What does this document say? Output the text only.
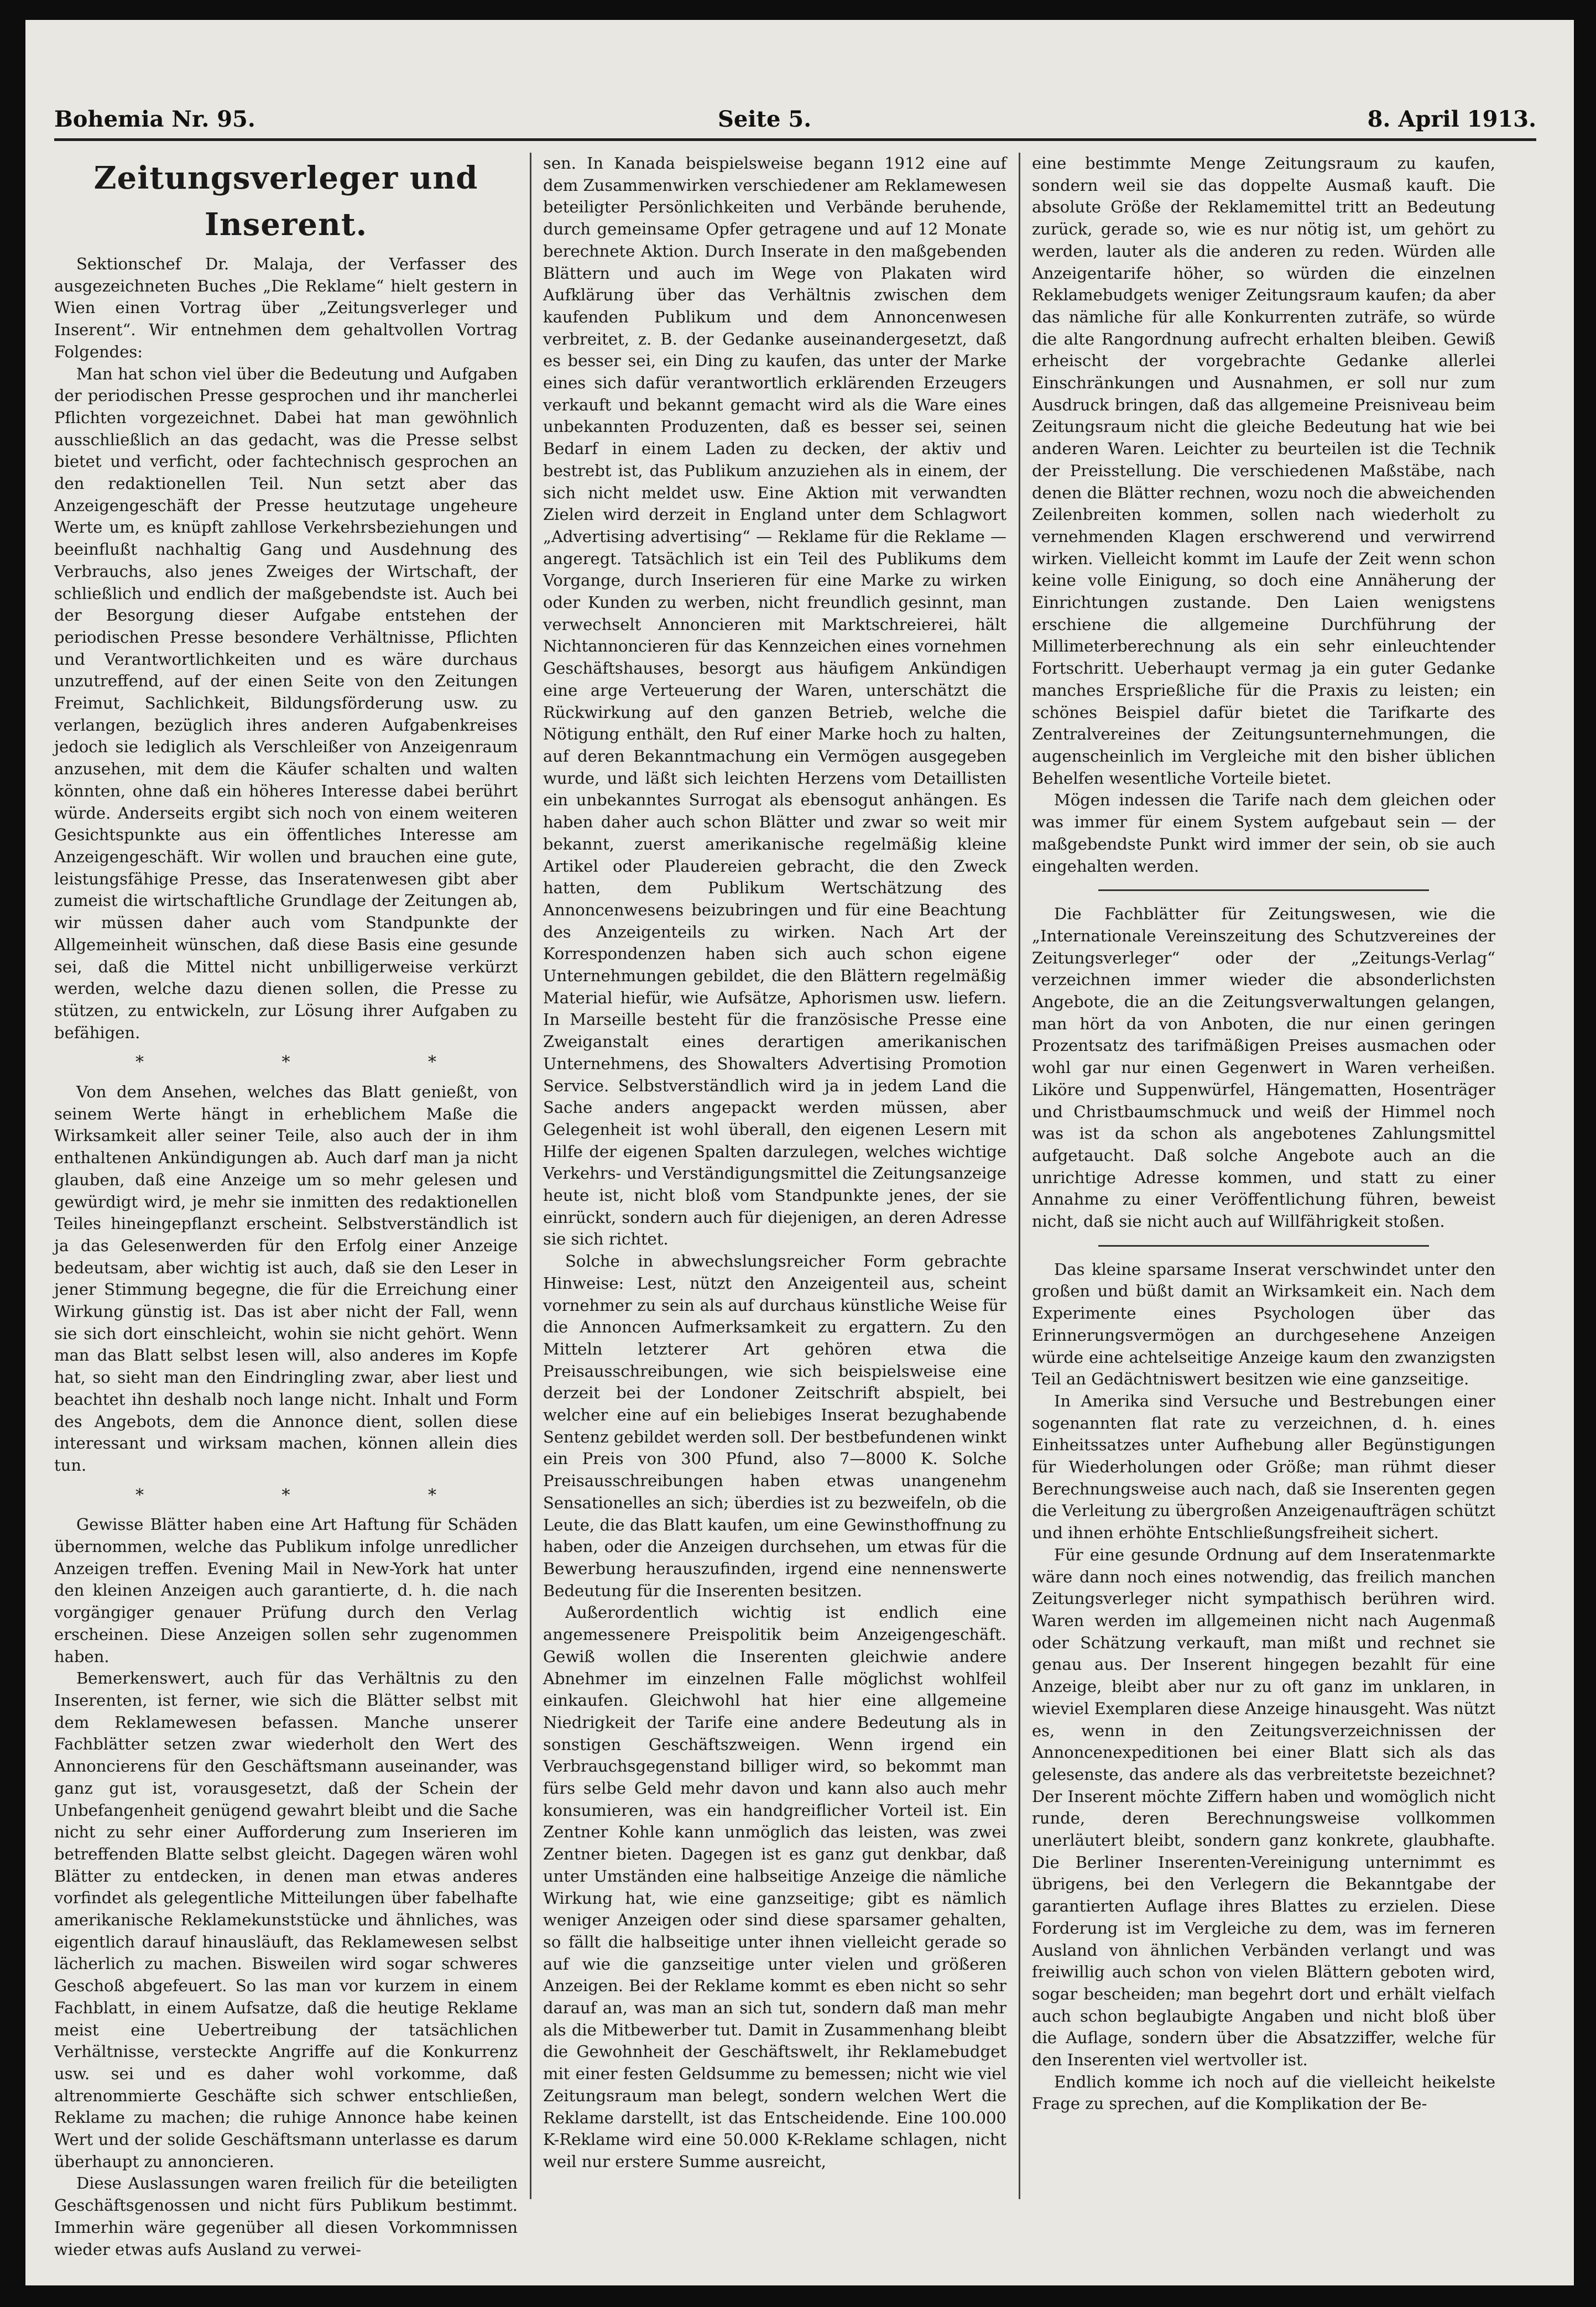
Bohemia Nr. 95.	Seite 5.	8. April 1913.
Zeitungsverleger und Inserent.

Sektionschef Dr. Malaja, der Verfasser des ausgezeichneten Buches „Die Reklame“ hielt gestern in Wien einen Vortrag über „Zeitungsverleger und Inserent“. Wir entnehmen dem gehaltvollen Vortrag Folgendes:

Man hat schon viel über die Bedeutung und Aufgaben der periodischen Presse gesprochen und ihr mancherlei Pflichten vorgezeichnet. Dabei hat man gewöhnlich ausschließlich an das gedacht, was die Presse selbst bietet und verficht, oder fachtechnisch gesprochen an den redaktionellen Teil. Nun setzt aber das Anzeigengeschäft der Presse heutzutage ungeheure Werte um, es knüpft zahllose Verkehrsbeziehungen und beeinflußt nachhaltig Gang und Ausdehnung des Verbrauchs, also jenes Zweiges der Wirtschaft, der schließlich und endlich der maßgebendste ist. Auch bei der Besorgung dieser Aufgabe entstehen der periodischen Presse besondere Verhältnisse, Pflichten und Verantwortlichkeiten und es wäre durchaus unzutreffend, auf der einen Seite von den Zeitungen Freimut, Sachlichkeit, Bildungsförderung usw. zu verlangen, bezüglich ihres anderen Aufgabenkreises jedoch sie lediglich als Verschleißer von Anzeigenraum anzusehen, mit dem die Käufer schalten und walten könnten, ohne daß ein höheres Interesse dabei berührt würde. Anderseits ergibt sich noch von einem weiteren Gesichtspunkte aus ein öffentliches Interesse am Anzeigengeschäft. Wir wollen und brauchen eine gute, leistungsfähige Presse, das Inseratenwesen gibt aber zumeist die wirtschaftliche Grundlage der Zeitungen ab, wir müssen daher auch vom Standpunkte der Allgemeinheit wünschen, daß diese Basis eine gesunde sei, daß die Mittel nicht unbilligerweise verkürzt werden, welche dazu dienen sollen, die Presse zu stützen, zu entwickeln, zur Lösung ihrer Aufgaben zu befähigen.

* * *

Von dem Ansehen, welches das Blatt genießt, von seinem Werte hängt in erheblichem Maße die Wirksamkeit aller seiner Teile, also auch der in ihm enthaltenen Ankündigungen ab. Auch darf man ja nicht glauben, daß eine Anzeige um so mehr gelesen und gewürdigt wird, je mehr sie inmitten des redaktionellen Teiles hineingepflanzt erscheint. Selbstverständlich ist ja das Gelesenwerden für den Erfolg einer Anzeige bedeutsam, aber wichtig ist auch, daß sie den Leser in jener Stimmung begegne, die für die Erreichung einer Wirkung günstig ist. Das ist aber nicht der Fall, wenn sie sich dort einschleicht, wohin sie nicht gehört. Wenn man das Blatt selbst lesen will, also anderes im Kopfe hat, so sieht man den Eindringling zwar, aber liest und beachtet ihn deshalb noch lange nicht. Inhalt und Form des Angebots, dem die Annonce dient, sollen diese interessant und wirksam machen, können allein dies tun.

* * *

Gewisse Blätter haben eine Art Haftung für Schäden übernommen, welche das Publikum infolge unredlicher Anzeigen treffen. Evening Mail in New-York hat unter den kleinen Anzeigen auch garantierte, d. h. die nach vorgängiger genauer Prüfung durch den Verlag erscheinen. Diese Anzeigen sollen sehr zugenommen haben.

Bemerkenswert, auch für das Verhältnis zu den Inserenten, ist ferner, wie sich die Blätter selbst mit dem Reklamewesen befassen. Manche unserer Fachblätter setzen zwar wiederholt den Wert des Annoncierens für den Geschäftsmann auseinander, was ganz gut ist, vorausgesetzt, daß der Schein der Unbefangenheit genügend gewahrt bleibt und die Sache nicht zu sehr einer Aufforderung zum Inserieren im betreffenden Blatte selbst gleicht. Dagegen wären wohl Blätter zu entdecken, in denen man etwas anderes vorfindet als gelegentliche Mitteilungen über fabelhafte amerikanische Reklamekunststücke und ähnliches, was eigentlich darauf hinausläuft, das Reklamewesen selbst lächerlich zu machen. Bisweilen wird sogar schweres Geschoß abgefeuert. So las man vor kurzem in einem Fachblatt, in einem Aufsatze, daß die heutige Reklame meist eine Uebertreibung der tatsächlichen Verhältnisse, versteckte Angriffe auf die Konkurrenz usw. sei und es daher wohl vorkomme, daß altrenommierte Geschäfte sich schwer entschließen, Reklame zu machen; die ruhige Annonce habe keinen Wert und der solide Geschäftsmann unterlasse es darum überhaupt zu annoncieren.

Diese Auslassungen waren freilich für die beteiligten Geschäftsgenossen und nicht fürs Publikum bestimmt. Immerhin wäre gegenüber all diesen Vorkommnissen wieder etwas aufs Ausland zu verwei-

sen. In Kanada beispielsweise begann 1912 eine auf dem Zusammenwirken verschiedener am Reklamewesen beteiligter Persönlichkeiten und Verbände beruhende, durch gemeinsame Opfer getragene und auf 12 Monate berechnete Aktion. Durch Inserate in den maßgebenden Blättern und auch im Wege von Plakaten wird Aufklärung über das Verhältnis zwischen dem kaufenden Publikum und dem Annoncenwesen verbreitet, z. B. der Gedanke auseinandergesetzt, daß es besser sei, ein Ding zu kaufen, das unter der Marke eines sich dafür verantwortlich erklärenden Erzeugers verkauft und bekannt gemacht wird als die Ware eines unbekannten Produzenten, daß es besser sei, seinen Bedarf in einem Laden zu decken, der aktiv und bestrebt ist, das Publikum anzuziehen als in einem, der sich nicht meldet usw. Eine Aktion mit verwandten Zielen wird derzeit in England unter dem Schlagwort „Advertising advertising“ — Reklame für die Reklame — angeregt. Tatsächlich ist ein Teil des Publikums dem Vorgange, durch Inserieren für eine Marke zu wirken oder Kunden zu werben, nicht freundlich gesinnt, man verwechselt Annoncieren mit Marktschreierei, hält Nichtannoncieren für das Kennzeichen eines vornehmen Geschäftshauses, besorgt aus häufigem Ankündigen eine arge Verteuerung der Waren, unterschätzt die Rückwirkung auf den ganzen Betrieb, welche die Nötigung enthält, den Ruf einer Marke hoch zu halten, auf deren Bekanntmachung ein Vermögen ausgegeben wurde, und läßt sich leichten Herzens vom Detaillisten ein unbekanntes Surrogat als ebensogut anhängen. Es haben daher auch schon Blätter und zwar so weit mir bekannt, zuerst amerikanische regelmäßig kleine Artikel oder Plaudereien gebracht, die den Zweck hatten, dem Publikum Wertschätzung des Annoncenwesens beizubringen und für eine Beachtung des Anzeigenteils zu wirken. Nach Art der Korrespondenzen haben sich auch schon eigene Unternehmungen gebildet, die den Blättern regelmäßig Material hiefür, wie Aufsätze, Aphorismen usw. liefern. In Marseille besteht für die französische Presse eine Zweiganstalt eines derartigen amerikanischen Unternehmens, des Showalters Advertising Promotion Service. Selbstverständlich wird ja in jedem Land die Sache anders angepackt werden müssen, aber Gelegenheit ist wohl überall, den eigenen Lesern mit Hilfe der eigenen Spalten darzulegen, welches wichtige Verkehrs- und Verständigungsmittel die Zeitungsanzeige heute ist, nicht bloß vom Standpunkte jenes, der sie einrückt, sondern auch für diejenigen, an deren Adresse sie sich richtet.

Solche in abwechslungsreicher Form gebrachte Hinweise: Lest, nützt den Anzeigenteil aus, scheint vornehmer zu sein als auf durchaus künstliche Weise für die Annoncen Aufmerksamkeit zu ergattern. Zu den Mitteln letzterer Art gehören etwa die Preisausschreibungen, wie sich beispielsweise eine derzeit bei der Londoner Zeitschrift abspielt, bei welcher eine auf ein beliebiges Inserat bezughabende Sentenz gebildet werden soll. Der bestbefundenen winkt ein Preis von 300 Pfund, also 7—8000 K. Solche Preisausschreibungen haben etwas unangenehm Sensationelles an sich; überdies ist zu bezweifeln, ob die Leute, die das Blatt kaufen, um eine Gewinsthoffnung zu haben, oder die Anzeigen durchsehen, um etwas für die Bewerbung herauszufinden, irgend eine nennenswerte Bedeutung für die Inserenten besitzen.

Außerordentlich wichtig ist endlich eine angemessenere Preispolitik beim Anzeigengeschäft. Gewiß wollen die Inserenten gleichwie andere Abnehmer im einzelnen Falle möglichst wohlfeil einkaufen. Gleichwohl hat hier eine allgemeine Niedrigkeit der Tarife eine andere Bedeutung als in sonstigen Geschäftszweigen. Wenn irgend ein Verbrauchsgegenstand billiger wird, so bekommt man fürs selbe Geld mehr davon und kann also auch mehr konsumieren, was ein handgreiflicher Vorteil ist. Ein Zentner Kohle kann unmöglich das leisten, was zwei Zentner bieten. Dagegen ist es ganz gut denkbar, daß unter Umständen eine halbseitige Anzeige die nämliche Wirkung hat, wie eine ganzseitige; gibt es nämlich weniger Anzeigen oder sind diese sparsamer gehalten, so fällt die halbseitige unter ihnen vielleicht gerade so auf wie die ganzseitige unter vielen und größeren Anzeigen. Bei der Reklame kommt es eben nicht so sehr darauf an, was man an sich tut, sondern daß man mehr als die Mitbewerber tut. Damit in Zusammenhang bleibt die Gewohnheit der Geschäftswelt, ihr Reklamebudget mit einer festen Geldsumme zu bemessen; nicht wie viel Zeitungsraum man belegt, sondern welchen Wert die Reklame darstellt, ist das Entscheidende. Eine 100.000 K-Reklame wird eine 50.000 K-Reklame schlagen, nicht weil nur erstere Summe ausreicht,

eine bestimmte Menge Zeitungsraum zu kaufen, sondern weil sie das doppelte Ausmaß kauft. Die absolute Größe der Reklamemittel tritt an Bedeutung zurück, gerade so, wie es nur nötig ist, um gehört zu werden, lauter als die anderen zu reden. Würden alle Anzeigentarife höher, so würden die einzelnen Reklamebudgets weniger Zeitungsraum kaufen; da aber das nämliche für alle Konkurrenten zuträfe, so würde die alte Rangordnung aufrecht erhalten bleiben. Gewiß erheischt der vorgebrachte Gedanke allerlei Einschränkungen und Ausnahmen, er soll nur zum Ausdruck bringen, daß das allgemeine Preisniveau beim Zeitungsraum nicht die gleiche Bedeutung hat wie bei anderen Waren. Leichter zu beurteilen ist die Technik der Preisstellung. Die verschiedenen Maßstäbe, nach denen die Blätter rechnen, wozu noch die abweichenden Zeilenbreiten kommen, sollen nach wiederholt zu vernehmenden Klagen erschwerend und verwirrend wirken. Vielleicht kommt im Laufe der Zeit wenn schon keine volle Einigung, so doch eine Annäherung der Einrichtungen zustande. Den Laien wenigstens erschiene die allgemeine Durchführung der Millimeterberechnung als ein sehr einleuchtender Fortschritt. Ueberhaupt vermag ja ein guter Gedanke manches Ersprießliche für die Praxis zu leisten; ein schönes Beispiel dafür bietet die Tarifkarte des Zentralvereines der Zeitungsunternehmungen, die augenscheinlich im Vergleiche mit den bisher üblichen Behelfen wesentliche Vorteile bietet.

Mögen indessen die Tarife nach dem gleichen oder was immer für einem System aufgebaut sein — der maßgebendste Punkt wird immer der sein, ob sie auch eingehalten werden.

Die Fachblätter für Zeitungswesen, wie die „Internationale Vereinszeitung des Schutzvereines der Zeitungsverleger“ oder der „Zeitungs-Verlag“ verzeichnen immer wieder die absonderlichsten Angebote, die an die Zeitungsverwaltungen gelangen, man hört da von Anboten, die nur einen geringen Prozentsatz des tarifmäßigen Preises ausmachen oder wohl gar nur einen Gegenwert in Waren verheißen. Liköre und Suppenwürfel, Hängematten, Hosenträger und Christbaumschmuck und weiß der Himmel noch was ist da schon als angebotenes Zahlungsmittel aufgetaucht. Daß solche Angebote auch an die unrichtige Adresse kommen, und statt zu einer Annahme zu einer Veröffentlichung führen, beweist nicht, daß sie nicht auch auf Willfährigkeit stoßen.

Das kleine sparsame Inserat verschwindet unter den großen und büßt damit an Wirksamkeit ein. Nach dem Experimente eines Psychologen über das Erinnerungsvermögen an durchgesehene Anzeigen würde eine achtelseitige Anzeige kaum den zwanzigsten Teil an Gedächtniswert besitzen wie eine ganzseitige.

In Amerika sind Versuche und Bestrebungen einer sogenannten flat rate zu verzeichnen, d. h. eines Einheitssatzes unter Aufhebung aller Begünstigungen für Wiederholungen oder Größe; man rühmt dieser Berechnungsweise auch nach, daß sie Inserenten gegen die Verleitung zu übergroßen Anzeigenaufträgen schützt und ihnen erhöhte Entschließungsfreiheit sichert.

Für eine gesunde Ordnung auf dem Inseratenmarkte wäre dann noch eines notwendig, das freilich manchen Zeitungsverleger nicht sympathisch berühren wird. Waren werden im allgemeinen nicht nach Augenmaß oder Schätzung verkauft, man mißt und rechnet sie genau aus. Der Inserent hingegen bezahlt für eine Anzeige, bleibt aber nur zu oft ganz im unklaren, in wieviel Exemplaren diese Anzeige hinausgeht. Was nützt es, wenn in den Zeitungsverzeichnissen der Annoncenexpeditionen bei einer Blatt sich als das gelesenste, das andere als das verbreitetste bezeichnet? Der Inserent möchte Ziffern haben und womöglich nicht runde, deren Berechnungsweise vollkommen unerläutert bleibt, sondern ganz konkrete, glaubhafte. Die Berliner Inserenten-Vereinigung unternimmt es übrigens, bei den Verlegern die Bekanntgabe der garantierten Auflage ihres Blattes zu erzielen. Diese Forderung ist im Vergleiche zu dem, was im ferneren Ausland von ähnlichen Verbänden verlangt und was freiwillig auch schon von vielen Blättern geboten wird, sogar bescheiden; man begehrt dort und erhält vielfach auch schon beglaubigte Angaben und nicht bloß über die Auflage, sondern über die Absatzziffer, welche für den Inserenten viel wertvoller ist.

Endlich komme ich noch auf die vielleicht heikelste Frage zu sprechen, auf die Komplikation der Be-
